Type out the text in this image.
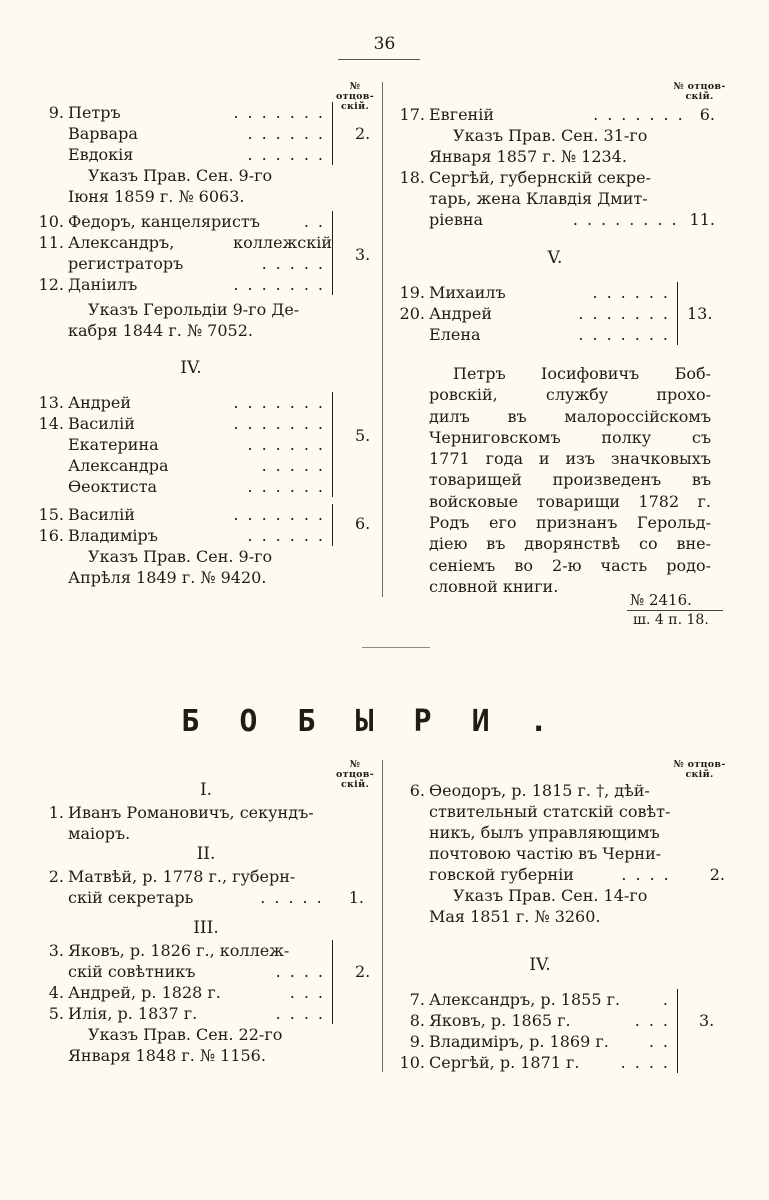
36
№ отцов-
скій.
№ отцов-
скій.
9. Петръ	.......
Варвара	......
Евдокія	......
2.
Указъ Прав. Сен. 9-го
Іюня 1859 г. № 6063.
10. Федоръ, канцеляристъ	..
11. Александръ,	коллежскій
регистраторъ	.....
12. Даніилъ	.......
3.
Указъ Герольдіи 9-го Де-
кабря 1844 г. № 7052.
IV.
13. Андрей	.......
14. Василій	.......
Екатерина	......
Александра	.....
Өеоктиста	......
5.
15. Василій	.......
16. Владиміръ	......
6.
Указъ Прав. Сен. 9-го
Апрѣля 1849 г. № 9420.
17. Евгеній	....... 6.
Указъ Прав. Сен. 31-го
Января 1857 г. № 1234.
18. Сергѣй, губернскій секре-
тарь, жена Клавдія Дмит-
ріевна	........ 11.
V.
19. Михаилъ	......
20. Андрей	.......
Елена	.......
13.
Петръ Іосифовичъ Боб-
ровскій, службу прохо-
дилъ въ малороссійскомъ
Черниговскомъ полку съ
1771 года и изъ значковыхъ
товарищей произведенъ въ
войсковые товарищи 1782 г.
Родъ его признанъ Герольд-
діею въ дворянствѣ со вне-
сеніемъ во 2-ю часть родо-
словной книги.
№ 2416.
ш. 4 п. 18.
БОБЫРИ.
№ отцов-
скій.
№ отцов-
скій.
I.
1. Иванъ Романовичъ, секундъ-
маіоръ.
II.
2. Матвѣй, р. 1778 г., губерн-
скій секретарь	..... 1.
III.
3. Яковъ, р. 1826 г., коллеж-
скій совѣтникъ	....
4. Андрей, р. 1828 г.	...
5. Илія, р. 1837 г.	....
2.
Указъ Прав. Сен. 22-го
Января 1848 г. № 1156.
6. Өеодоръ, р. 1815 г. †, дѣй-
ствительный статскій совѣт-
никъ, былъ управляющимъ
почтовою частію въ Черни-
говской губерніи	.... 2.
Указъ Прав. Сен. 14-го
Мая 1851 г. № 3260.
IV.
7. Александръ, р. 1855 г.	.
8. Яковъ, р. 1865 г.	...
9. Владиміръ, р. 1869 г.	..
10. Сергѣй, р. 1871 г.	....
3.
